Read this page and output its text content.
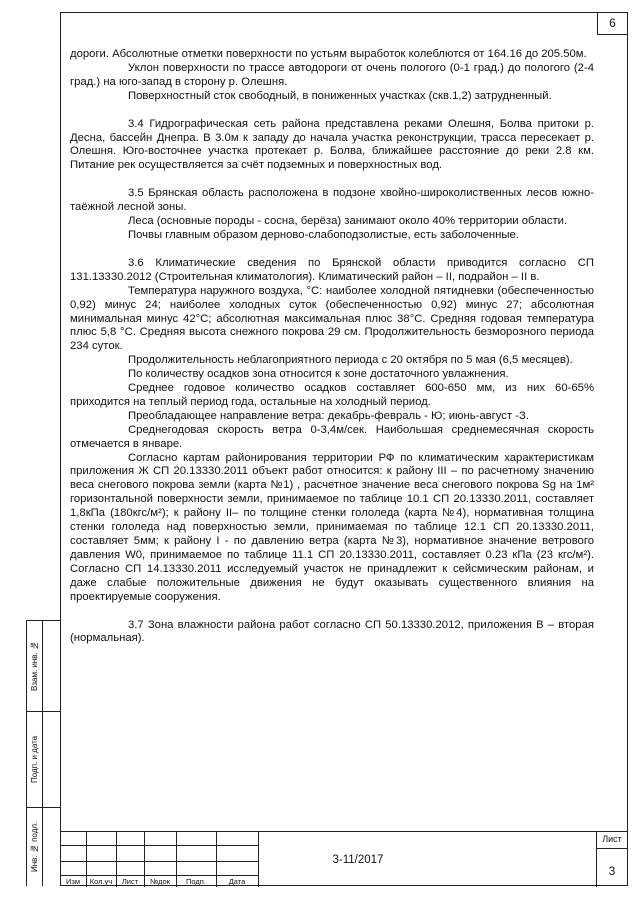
6

дороги. Абсолютные отметки поверхности по устьям выработок колеблются от 164.16 до 205.50м.

Уклон поверхности по трассе автодороги от очень пологого (0-1 град.) до пологого (2-4 град.) на юго-запад в сторону р. Олешня.

Поверхностный сток свободный, в пониженных участках (скв.1,2) затрудненный.

3.4 Гидрографическая сеть района представлена реками Олешня, Болва притоки р. Десна, бассейн Днепра. В 3.0м к западу до начала участка реконструкции, трасса пересекает р. Олешня. Юго-восточнее участка протекает р. Болва, ближайшее расстояние до реки 2.8 км. Питание рек осуществляется за счёт подземных и поверхностных вод.

3.5 Брянская область расположена в подзоне хвойно-широколиственных лесов южно-таёжной лесной зоны.

Леса (основные породы - сосна, берёза) занимают около 40% территории области.

Почвы главным образом дерново-слабоподзолистые, есть заболоченные.

3.6 Климатические сведения по Брянской области приводится согласно СП 131.13330.2012 (Строительная климатология). Климатический район – II, подрайон – II в.

Температура наружного воздуха, °С: наиболее холодной пятидневки (обеспеченностью 0,92) минус 24; наиболее холодных суток (обеспеченностью 0,92) минус 27; абсолютная минимальная минус 42°С; абсолютная максимальная плюс 38°С. Средняя годовая температура плюс 5,8 °С. Средняя высота снежного покрова 29 см. Продолжительность безморозного периода 234 суток.

Продолжительность неблагоприятного периода с 20 октября по 5 мая (6,5 месяцев).

По количеству осадков зона относится к зоне достаточного увлажнения.

Среднее годовое количество осадков составляет 600-650 мм, из них 60-65% приходится на теплый период года, остальные на холодный период.

Преобладающее направление ветра: декабрь-февраль - Ю; июнь-август -З.

Среднегодовая скорость ветра 0-3,4м/сек. Наибольшая среднемесячная скорость отмечается в январе.

Согласно картам районирования территории РФ по климатическим характеристикам приложения Ж СП 20.13330.2011 объект работ относится: к району III – по расчетному значению веса снегового покрова земли (карта №1) , расчетное значение веса снегового покрова Sg на 1м² горизонтальной поверхности земли, принимаемое по таблице 10.1 СП 20.13330.2011, составляет 1,8кПа (180кгс/м²); к району II– по толщине стенки гололеда (карта №4), нормативная толщина стенки гололеда над поверхностью земли, принимаемая по таблице 12.1 СП 20.13330.2011, составляет 5мм; к району I - по давлению ветра (карта №3), нормативное значение ветрового давления W0, принимаемое по таблице 11.1 СП 20.13330.2011, составляет 0.23 кПа (23 кгс/м²). Согласно СП 14.13330.2011 исследуемый участок не принадлежит к сейсмическим районам, и даже слабые положительные движения не будут оказывать существенного влияния на проектируемые сооружения.

3.7 Зона влажности района работ согласно СП 50.13330.2012, приложения В – вторая (нормальная).

Взам. инв. №
Подп. и дата
Инв. № подл.
Изм	Кол.уч	Лист	№док	Подп.	Дата
3-11/2017
Лист
3
